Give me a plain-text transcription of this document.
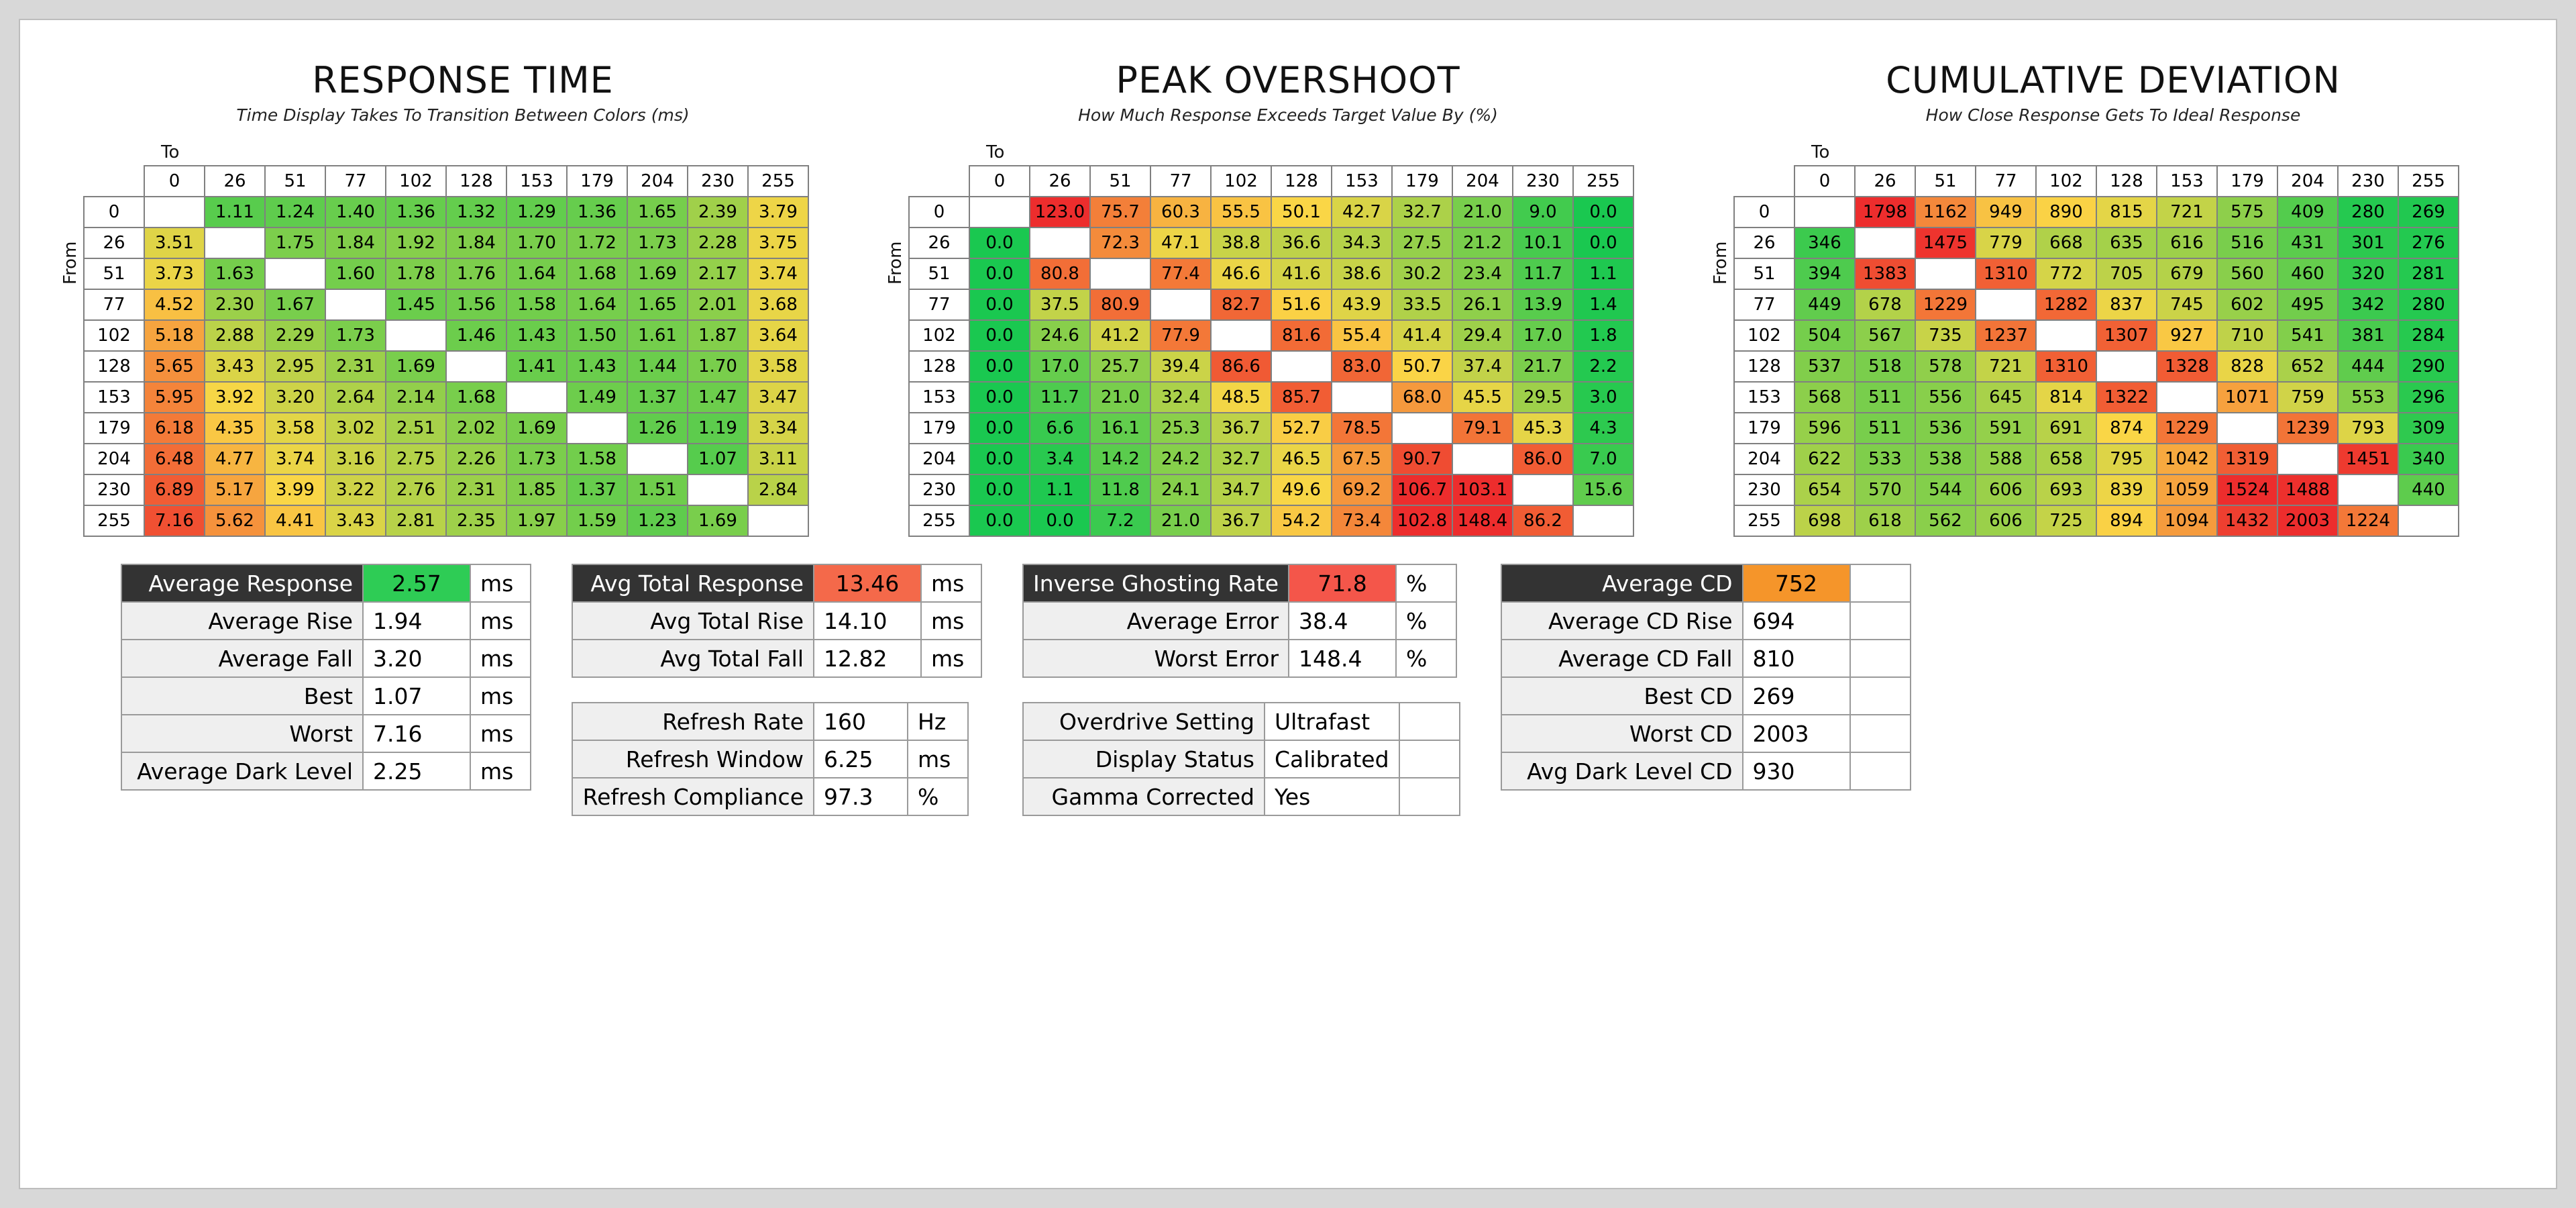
RESPONSE TIME
Time Display Takes To Transition Between Colors (ms)
From
To
	0	26	51	77	102	128	153	179	204	230	255
0		1.11	1.24	1.40	1.36	1.32	1.29	1.36	1.65	2.39	3.79
26	3.51		1.75	1.84	1.92	1.84	1.70	1.72	1.73	2.28	3.75
51	3.73	1.63		1.60	1.78	1.76	1.64	1.68	1.69	2.17	3.74
77	4.52	2.30	1.67		1.45	1.56	1.58	1.64	1.65	2.01	3.68
102	5.18	2.88	2.29	1.73		1.46	1.43	1.50	1.61	1.87	3.64
128	5.65	3.43	2.95	2.31	1.69		1.41	1.43	1.44	1.70	3.58
153	5.95	3.92	3.20	2.64	2.14	1.68		1.49	1.37	1.47	3.47
179	6.18	4.35	3.58	3.02	2.51	2.02	1.69		1.26	1.19	3.34
204	6.48	4.77	3.74	3.16	2.75	2.26	1.73	1.58		1.07	3.11
230	6.89	5.17	3.99	3.22	2.76	2.31	1.85	1.37	1.51		2.84
255	7.16	5.62	4.41	3.43	2.81	2.35	1.97	1.59	1.23	1.69	
PEAK OVERSHOOT
How Much Response Exceeds Target Value By (%)
From
To
	0	26	51	77	102	128	153	179	204	230	255
0		123.0	75.7	60.3	55.5	50.1	42.7	32.7	21.0	9.0	0.0
26	0.0		72.3	47.1	38.8	36.6	34.3	27.5	21.2	10.1	0.0
51	0.0	80.8		77.4	46.6	41.6	38.6	30.2	23.4	11.7	1.1
77	0.0	37.5	80.9		82.7	51.6	43.9	33.5	26.1	13.9	1.4
102	0.0	24.6	41.2	77.9		81.6	55.4	41.4	29.4	17.0	1.8
128	0.0	17.0	25.7	39.4	86.6		83.0	50.7	37.4	21.7	2.2
153	0.0	11.7	21.0	32.4	48.5	85.7		68.0	45.5	29.5	3.0
179	0.0	6.6	16.1	25.3	36.7	52.7	78.5		79.1	45.3	4.3
204	0.0	3.4	14.2	24.2	32.7	46.5	67.5	90.7		86.0	7.0
230	0.0	1.1	11.8	24.1	34.7	49.6	69.2	106.7	103.1		15.6
255	0.0	0.0	7.2	21.0	36.7	54.2	73.4	102.8	148.4	86.2	
CUMULATIVE DEVIATION
How Close Response Gets To Ideal Response
From
To
	0	26	51	77	102	128	153	179	204	230	255
0		1798	1162	949	890	815	721	575	409	280	269
26	346		1475	779	668	635	616	516	431	301	276
51	394	1383		1310	772	705	679	560	460	320	281
77	449	678	1229		1282	837	745	602	495	342	280
102	504	567	735	1237		1307	927	710	541	381	284
128	537	518	578	721	1310		1328	828	652	444	290
153	568	511	556	645	814	1322		1071	759	553	296
179	596	511	536	591	691	874	1229		1239	793	309
204	622	533	538	588	658	795	1042	1319		1451	340
230	654	570	544	606	693	839	1059	1524	1488		440
255	698	618	562	606	725	894	1094	1432	2003	1224	
Average Response	2.57	ms
Average Rise	1.94	ms
Average Fall	3.20	ms
Best	1.07	ms
Worst	7.16	ms
Average Dark Level	2.25	ms
Avg Total Response	13.46	ms
Avg Total Rise	14.10	ms
Avg Total Fall	12.82	ms
Refresh Rate	160	Hz
Refresh Window	6.25	ms
Refresh Compliance	97.3	%
Inverse Ghosting Rate	71.8	%
Average Error	38.4	%
Worst Error	148.4	%
Overdrive Setting	Ultrafast	
Display Status	Calibrated	
Gamma Corrected	Yes	
Average CD	752	
Average CD Rise	694	
Average CD Fall	810	
Best CD	269	
Worst CD	2003	
Avg Dark Level CD	930	
